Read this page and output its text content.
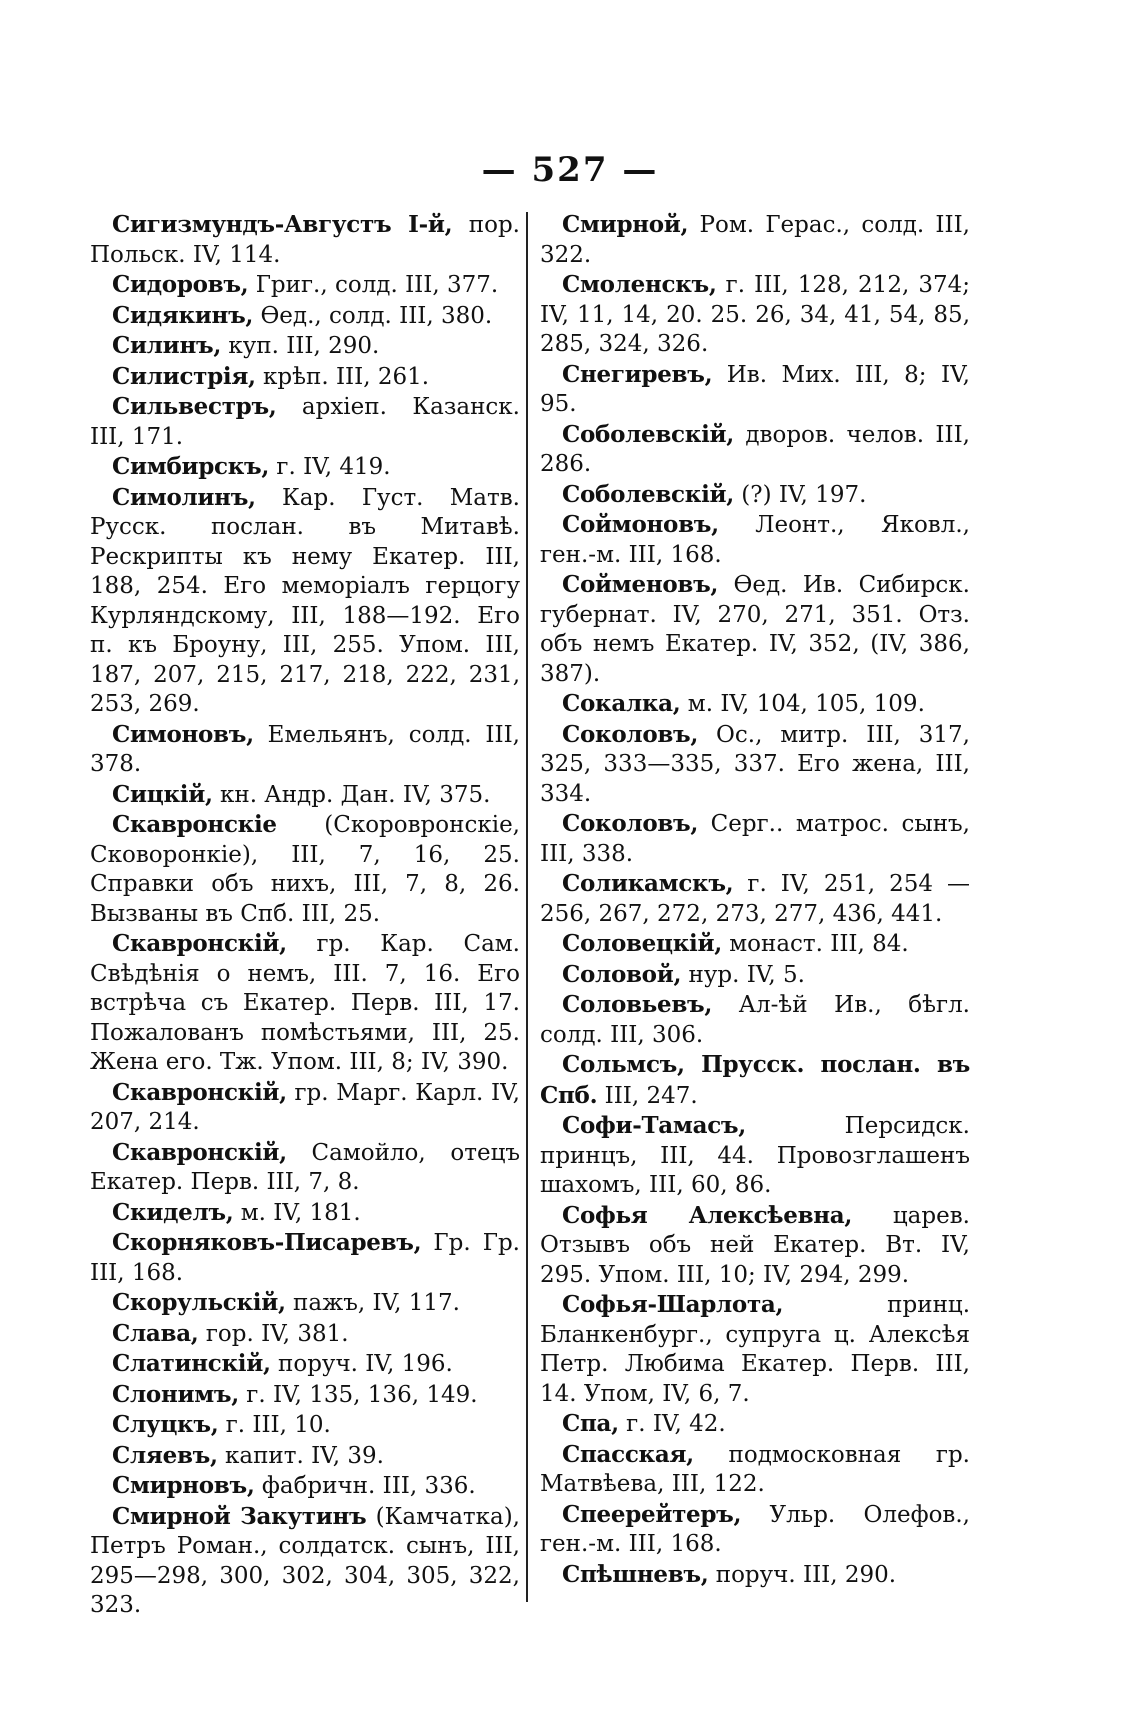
— 527 —

Сигизмундъ-Августъ I-й, пор. Польск. IV, 114.

Сидоровъ, Григ., солд. III, 377.

Сидякинъ, Өед., солд. III, 380.

Силинъ, куп. III, 290.

Силистрія, крѣп. III, 261.

Сильвестръ, архіеп. Казанск. III, 171.

Симбирскъ, г. IV, 419.

Симолинъ, Кар. Густ. Матв. Русск. послан. въ Митавѣ. Рескрипты къ нему Екатер. III, 188, 254. Его меморіалъ герцогу Курляндскому, III, 188—192. Его п. къ Броуну, III, 255. Упом. III, 187, 207, 215, 217, 218, 222, 231, 253, 269.

Симоновъ, Емельянъ, солд. III, 378.

Сицкій, кн. Андр. Дан. IV, 375.

Скавронскіе (Скоровронскіе, Сковоронкіе), III, 7, 16, 25. Справки объ нихъ, III, 7, 8, 26. Вызваны въ Спб. III, 25.

Скавронскій, гр. Кар. Сам. Свѣдѣнія о немъ, III. 7, 16. Его встрѣча съ Екатер. Перв. III, 17. Пожалованъ помѣстьями, III, 25. Жена его. Тж. Упом. III, 8; IV, 390.

Скавронскій, гр. Марг. Карл. IV, 207, 214.

Скавронскій, Самойло, отецъ Екатер. Перв. III, 7, 8.

Скиделъ, м. IV, 181.

Скорняковъ-Писаревъ, Гр. Гр. III, 168.

Скорульскій, пажъ, IV, 117.

Слава, гор. IV, 381.

Слатинскій, поруч. IV, 196.

Слонимъ, г. IV, 135, 136, 149.

Слуцкъ, г. III, 10.

Сляевъ, капит. IV, 39.

Смирновъ, фабричн. III, 336.

Смирной Закутинъ (Камчатка), Петръ Роман., солдатск. сынъ, III, 295—298, 300, 302, 304, 305, 322, 323.

Смирной, Ром. Герас., солд. III, 322.

Смоленскъ, г. III, 128, 212, 374; IV, 11, 14, 20. 25. 26, 34, 41, 54, 85, 285, 324, 326.

Снегиревъ, Ив. Мих. III, 8; IV, 95.

Соболевскій, дворов. челов. III, 286.

Соболевскій, (?) IV, 197.

Соймоновъ, Леонт., Яковл., ген.-м. III, 168.

Сойменовъ, Өед. Ив. Сибирск. губернат. IV, 270, 271, 351. Отз. объ немъ Екатер. IV, 352, (IV, 386, 387).

Сокалка, м. IV, 104, 105, 109.

Соколовъ, Ос., митр. III, 317, 325, 333—335, 337. Его жена, III, 334.

Соколовъ, Серг.. матрос. сынъ, III, 338.

Соликамскъ, г. IV, 251, 254 —256, 267, 272, 273, 277, 436, 441.

Соловецкій, монаст. III, 84.

Соловой, нур. IV, 5.

Соловьевъ, Ал-ѣй Ив., бѣгл. солд. III, 306.

Сольмсъ, Прусск. послан. въ Спб. III, 247.

Софи-Тамасъ, Персидск. принцъ, III, 44. Провозглашенъ шахомъ, III, 60, 86.

Софья Алексѣевна, царев. Отзывъ объ ней Екатер. Вт. IV, 295. Упом. III, 10; IV, 294, 299.

Софья-Шарлота, принц. Бланкенбург., супруга ц. Алексѣя Петр. Любима Екатер. Перв. III, 14. Упом, IV, 6, 7.

Спа, г. IV, 42.

Спасская, подмосковная гр. Матвѣева, III, 122.

Спеерейтеръ, Ульр. Олефов., ген.-м. III, 168.

Спѣшневъ, поруч. III, 290.
